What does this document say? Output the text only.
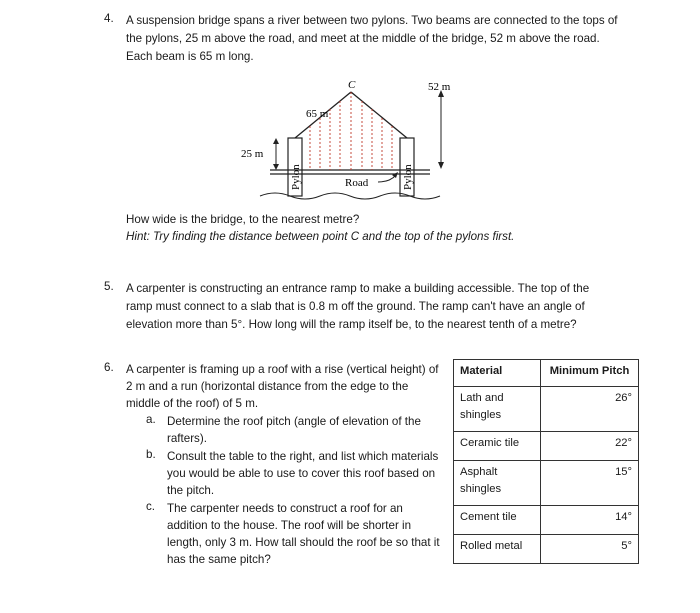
4. A suspension bridge spans a river between two pylons. Two beams are connected to the tops of
the pylons, 25 m above the road, and meet at the middle of the bridge, 52 m above the road.
Each beam is 65 m long.
C	52 m
65 m
25 m
Road
Pylon	Pylon
How wide is the bridge, to the nearest metre?
Hint: Try finding the distance between point C and the top of the pylons first.
5. A carpenter is constructing an entrance ramp to make a building accessible. The top of the
ramp must connect to a slab that is 0.8 m off the ground. The ramp can't have an angle of
elevation more than 5°. How long will the ramp itself be, to the nearest tenth of a metre?
6. A carpenter is framing up a roof with a rise (vertical height) of
2 m and a run (horizontal distance from the edge to the
middle of the roof) of 5 m.
a. Determine the roof pitch (angle of elevation of the
rafters).
b. Consult the table to the right, and list which materials
you would be able to use to cover this roof based on
the pitch.
c. The carpenter needs to construct a roof for an
addition to the house. The roof will be shorter in
length, only 3 m. How tall should the roof be so that it
has the same pitch?
Material	Minimum Pitch
Lath and
shingles	26°
Ceramic tile	22°
Asphalt
shingles	15°
Cement tile	14°
Rolled metal	5°
